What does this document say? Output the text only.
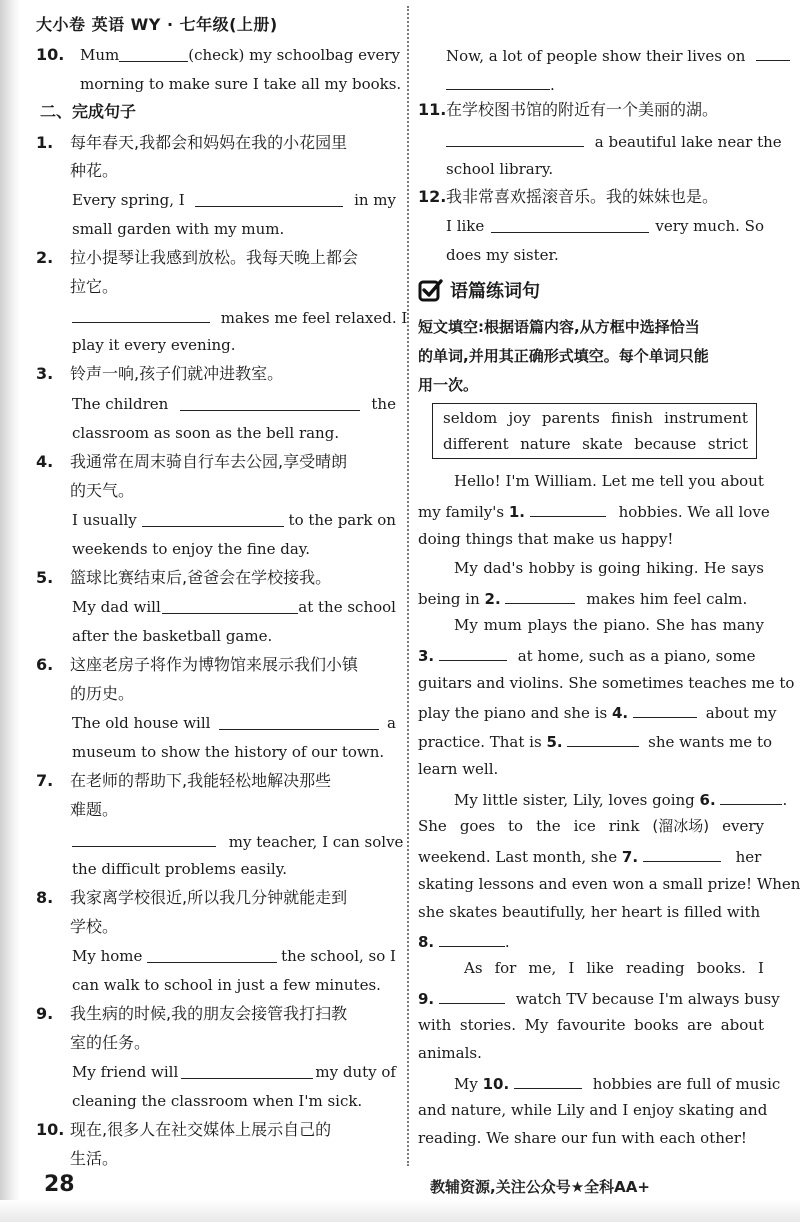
大小卷 英语 WY · 七年级(上册)
10. Mum	(check) my schoolbag every
morning to make sure I take all my books.
二、完成句子
1. 每年春天,我都会和妈妈在我的小花园里
种花。
Every spring, I	in my
small garden with my mum.
2. 拉小提琴让我感到放松。我每天晚上都会
拉它。
makes me feel relaxed. I
play it every evening.
3. 铃声一响,孩子们就冲进教室。
The children	the
classroom as soon as the bell rang.
4. 我通常在周末骑自行车去公园,享受晴朗
的天气。
I usually	to the park on
weekends to enjoy the fine day.
5. 篮球比赛结束后,爸爸会在学校接我。
My dad will	at the school
after the basketball game.
6. 这座老房子将作为博物馆来展示我们小镇
的历史。
The old house will	a
museum to show the history of our town.
7. 在老师的帮助下,我能轻松地解决那些
难题。
my teacher, I can solve
the difficult problems easily.
8. 我家离学校很近,所以我几分钟就能走到
学校。
My home	the school, so I
can walk to school in just a few minutes.
9. 我生病的时候,我的朋友会接管我打扫教
室的任务。
My friend will	my duty of
cleaning the classroom when I'm sick.
10. 现在,很多人在社交媒体上展示自己的
生活。
Now, a lot of people show their lives on
.
11. 在学校图书馆的附近有一个美丽的湖。
a beautiful lake near the
school library.
12. 我非常喜欢摇滚音乐。我的妹妹也是。
I like	very much. So
does my sister.
语篇练词句
短文填空:根据语篇内容,从方框中选择恰当
的单词,并用其正确形式填空。每个单词只能
用一次。
seldom joy parents finish instrument
different nature skate because strict
Hello! I'm William. Let me tell you about
my family's 1.	hobbies. We all love
doing things that make us happy!
My dad's hobby is going hiking. He says
being in 2.	makes him feel calm.
My mum plays the piano. She has many
3.	at home, such as a piano, some
guitars and violins. She sometimes teaches me to
play the piano and she is 4.	about my
practice. That is 5.	she wants me to
learn well.
My little sister, Lily, loves going 6.	.
She goes to the ice rink (溜冰场) every
weekend. Last month, she 7.	her
skating lessons and even won a small prize! When
she skates beautifully, her heart is filled with
8.	.
As for me, I like reading books. I
9.	watch TV because I'm always busy
with stories. My favourite books are about
animals.
My 10.	hobbies are full of music
and nature, while Lily and I enjoy skating and
reading. We share our fun with each other!
28	教辅资源,关注公众号★全科AA+
